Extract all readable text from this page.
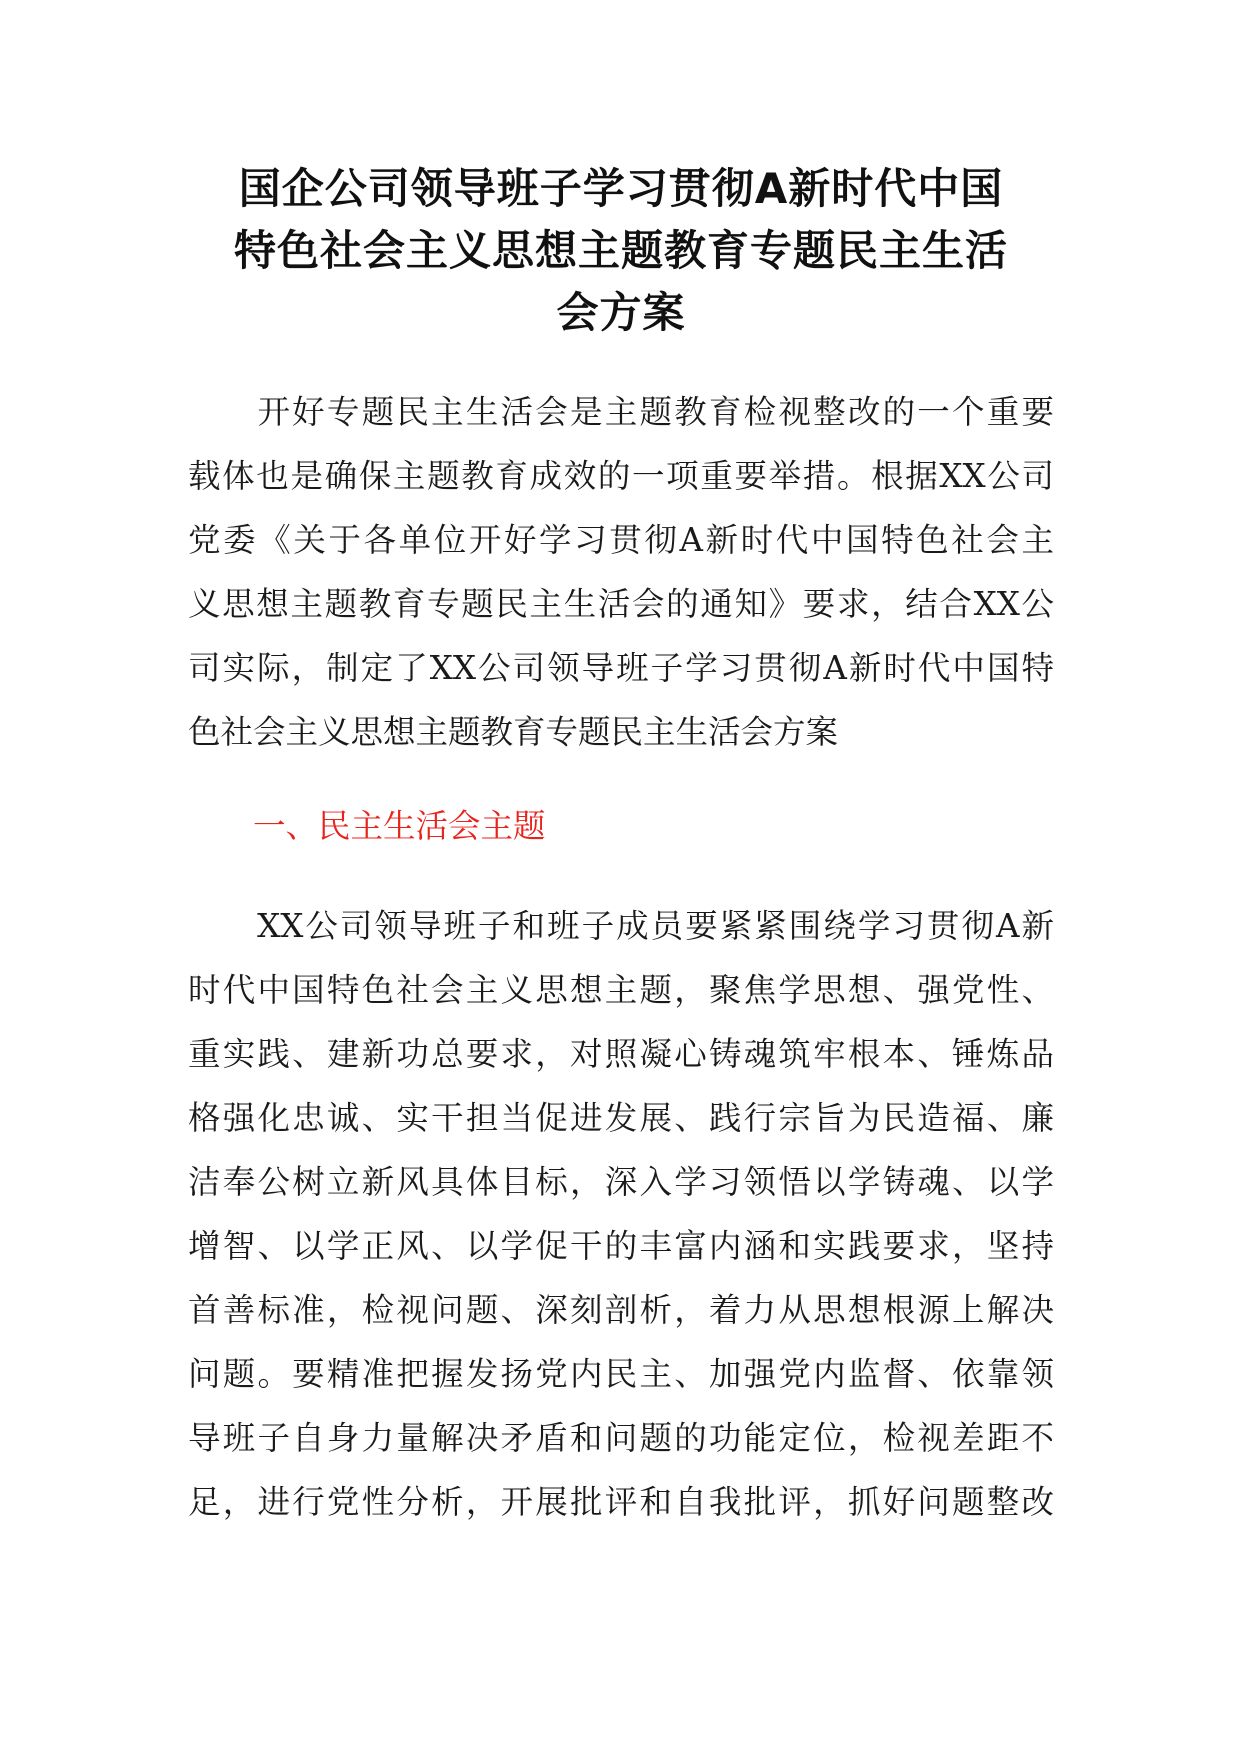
国企公司领导班子学习贯彻A新时代中国
特色社会主义思想主题教育专题民主生活
会方案
　　开好专题民主生活会是主题教育检视整改的一个重要
载体也是确保主题教育成效的一项重要举措。根据XX公司
党委《关于各单位开好学习贯彻A新时代中国特色社会主
义思想主题教育专题民主生活会的通知》要求，结合XX公
司实际，制定了XX公司领导班子学习贯彻A新时代中国特
色社会主义思想主题教育专题民主生活会方案
一、民主生活会主题
　　XX公司领导班子和班子成员要紧紧围绕学习贯彻A新
时代中国特色社会主义思想主题，聚焦学思想、强党性、
重实践、建新功总要求，对照凝心铸魂筑牢根本、锤炼品
格强化忠诚、实干担当促进发展、践行宗旨为民造福、廉
洁奉公树立新风具体目标，深入学习领悟以学铸魂、以学
增智、以学正风、以学促干的丰富内涵和实践要求，坚持
首善标准，检视问题、深刻剖析，着力从思想根源上解决
问题。要精准把握发扬党内民主、加强党内监督、依靠领
导班子自身力量解决矛盾和问题的功能定位，检视差距不
足，进行党性分析，开展批评和自我批评，抓好问题整改
